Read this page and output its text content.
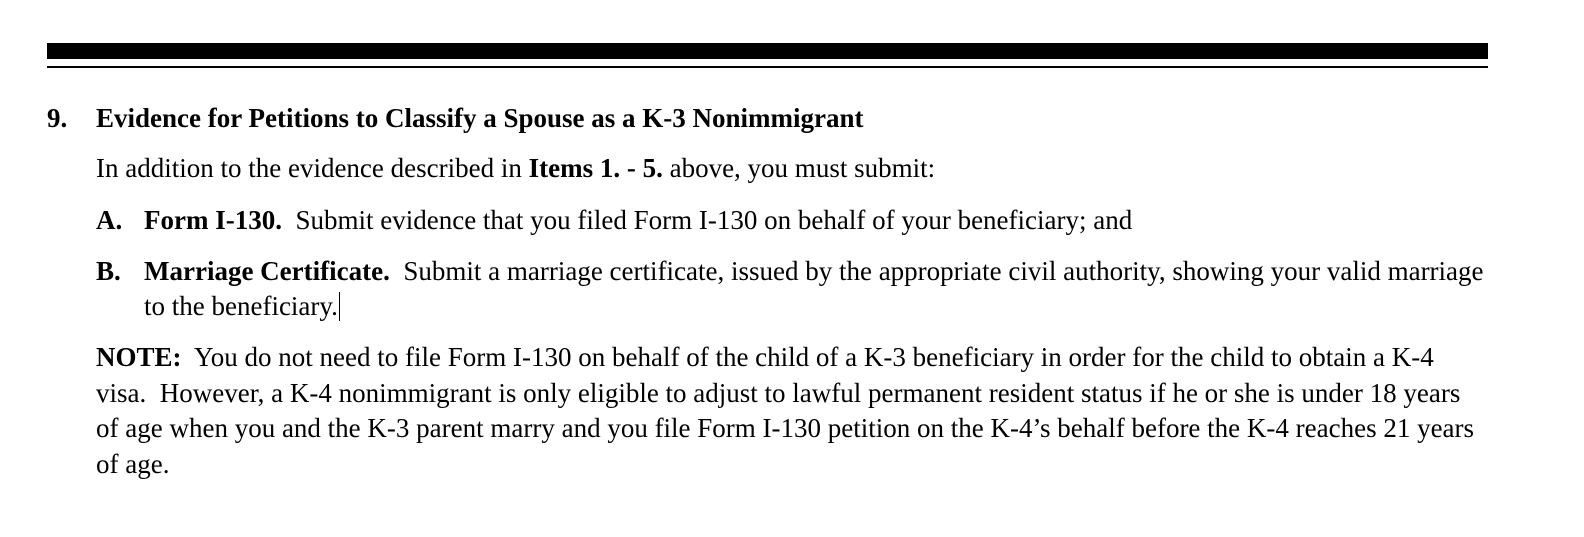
9. Evidence for Petitions to Classify a Spouse as a K-3 Nonimmigrant
In addition to the evidence described in Items 1. - 5. above, you must submit:
A. Form I-130.  Submit evidence that you filed Form I-130 on behalf of your beneficiary; and
B. Marriage Certificate.  Submit a marriage certificate, issued by the appropriate civil authority, showing your valid marriage to the beneficiary.
NOTE:  You do not need to file Form I-130 on behalf of the child of a K-3 beneficiary in order for the child to obtain a K-4 visa.  However, a K-4 nonimmigrant is only eligible to adjust to lawful permanent resident status if he or she is under 18 years of age when you and the K-3 parent marry and you file Form I-130 petition on the K-4’s behalf before the K-4 reaches 21 years of age.
